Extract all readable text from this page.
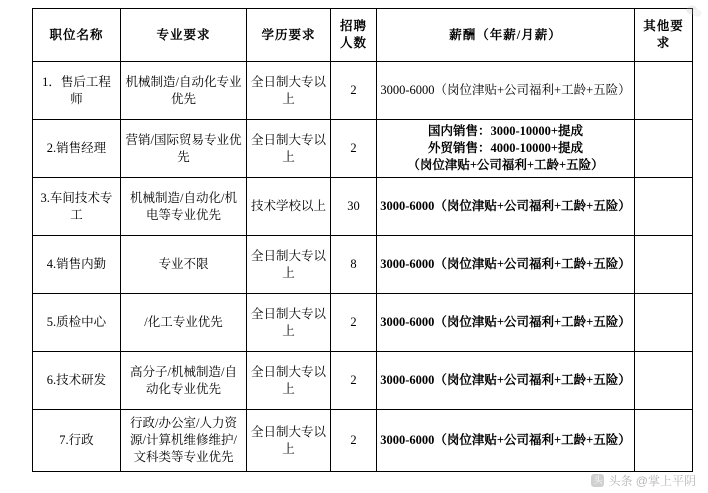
职位名称	专业要求	学历要求	招聘人数	薪酬（年薪/月薪）	其他要求
1．售后工程师	机械制造/自动化专业优先	全日制大专以上	2	3000-6000（岗位津贴+公司福利+工龄+五险）	
2.销售经理	营销/国际贸易专业优先	全日制大专以上	2	国内销售：3000-10000+提成
外贸销售：4000-10000+提成
（岗位津贴+公司福利+工龄+五险）	

3.车间技术专工	机械制造/自动化/机电等专业优先	技术学校以上	30	3000-6000（岗位津贴+公司福利+工龄+五险）	
4.销售内勤	专业不限	全日制大专以上	8	3000-6000（岗位津贴+公司福利+工龄+五险）	
5.质检中心	/化工专业优先	全日制大专以上	2	3000-6000（岗位津贴+公司福利+工龄+五险）	
6.技术研发	高分子/机械制造/自动化专业优先	全日制大专以上	2	3000-6000（岗位津贴+公司福利+工龄+五险）	
7.行政	行政/办公室/人力资源/计算机维修维护/文科类等专业优先	全日制大专以上	2	3000-6000（岗位津贴+公司福利+工龄+五险）	
头 头条 @掌上平阴
